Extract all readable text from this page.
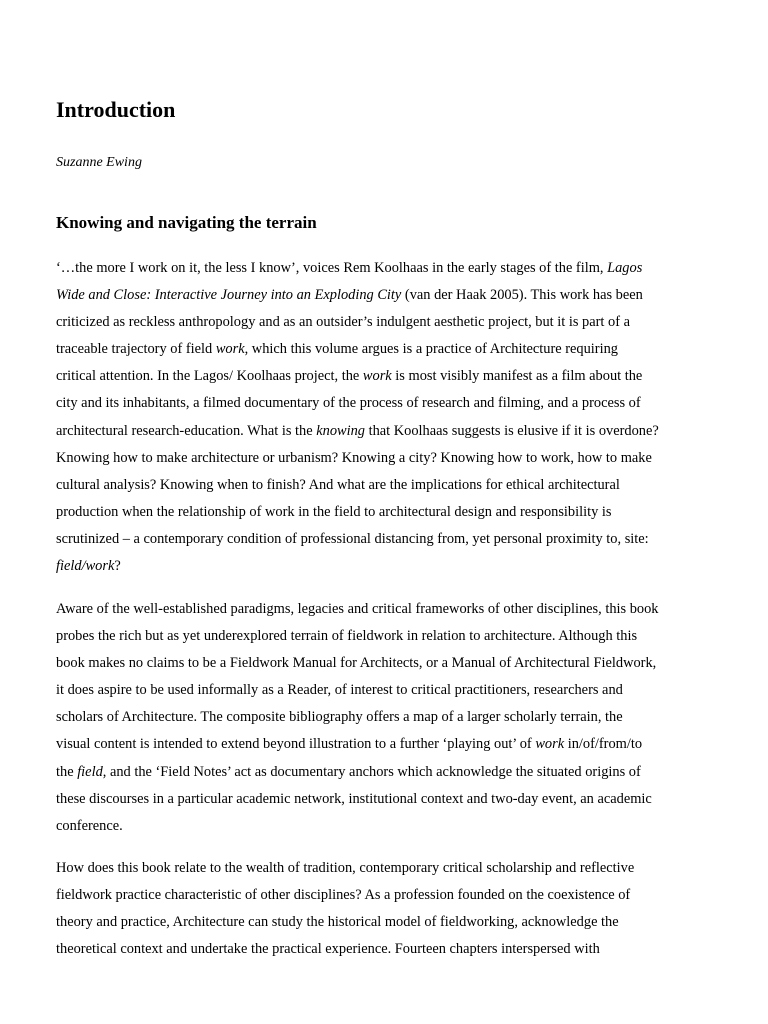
Introduction

Suzanne Ewing

Knowing and navigating the terrain
‘…the more I work on it, the less I know’, voices Rem Koolhaas in the early stages of the film, Lagos
Wide and Close: Interactive Journey into an Exploding City (van der Haak 2005). This work has been
criticized as reckless anthropology and as an outsider’s indulgent aesthetic project, but it is part of a
traceable trajectory of field work, which this volume argues is a practice of Architecture requiring
critical attention. In the Lagos/ Koolhaas project, the work is most visibly manifest as a film about the
city and its inhabitants, a filmed documentary of the process of research and filming, and a process of
architectural research-education. What is the knowing that Koolhaas suggests is elusive if it is overdone?
Knowing how to make architecture or urbanism? Knowing a city? Knowing how to work, how to make
cultural analysis? Knowing when to finish? And what are the implications for ethical architectural
production when the relationship of work in the field to architectural design and responsibility is
scrutinized – a contemporary condition of professional distancing from, yet personal proximity to, site:
field/work?
Aware of the well-established paradigms, legacies and critical frameworks of other disciplines, this book
probes the rich but as yet underexplored terrain of fieldwork in relation to architecture. Although this
book makes no claims to be a Fieldwork Manual for Architects, or a Manual of Architectural Fieldwork,
it does aspire to be used informally as a Reader, of interest to critical practitioners, researchers and
scholars of Architecture. The composite bibliography offers a map of a larger scholarly terrain, the
visual content is intended to extend beyond illustration to a further ‘playing out’ of work in/of/from/to
the field, and the ‘Field Notes’ act as documentary anchors which acknowledge the situated origins of
these discourses in a particular academic network, institutional context and two-day event, an academic
conference.
How does this book relate to the wealth of tradition, contemporary critical scholarship and reflective
fieldwork practice characteristic of other disciplines? As a profession founded on the coexistence of
theory and practice, Architecture can study the historical model of fieldworking, acknowledge the
theoretical context and undertake the practical experience. Fourteen chapters interspersed with
